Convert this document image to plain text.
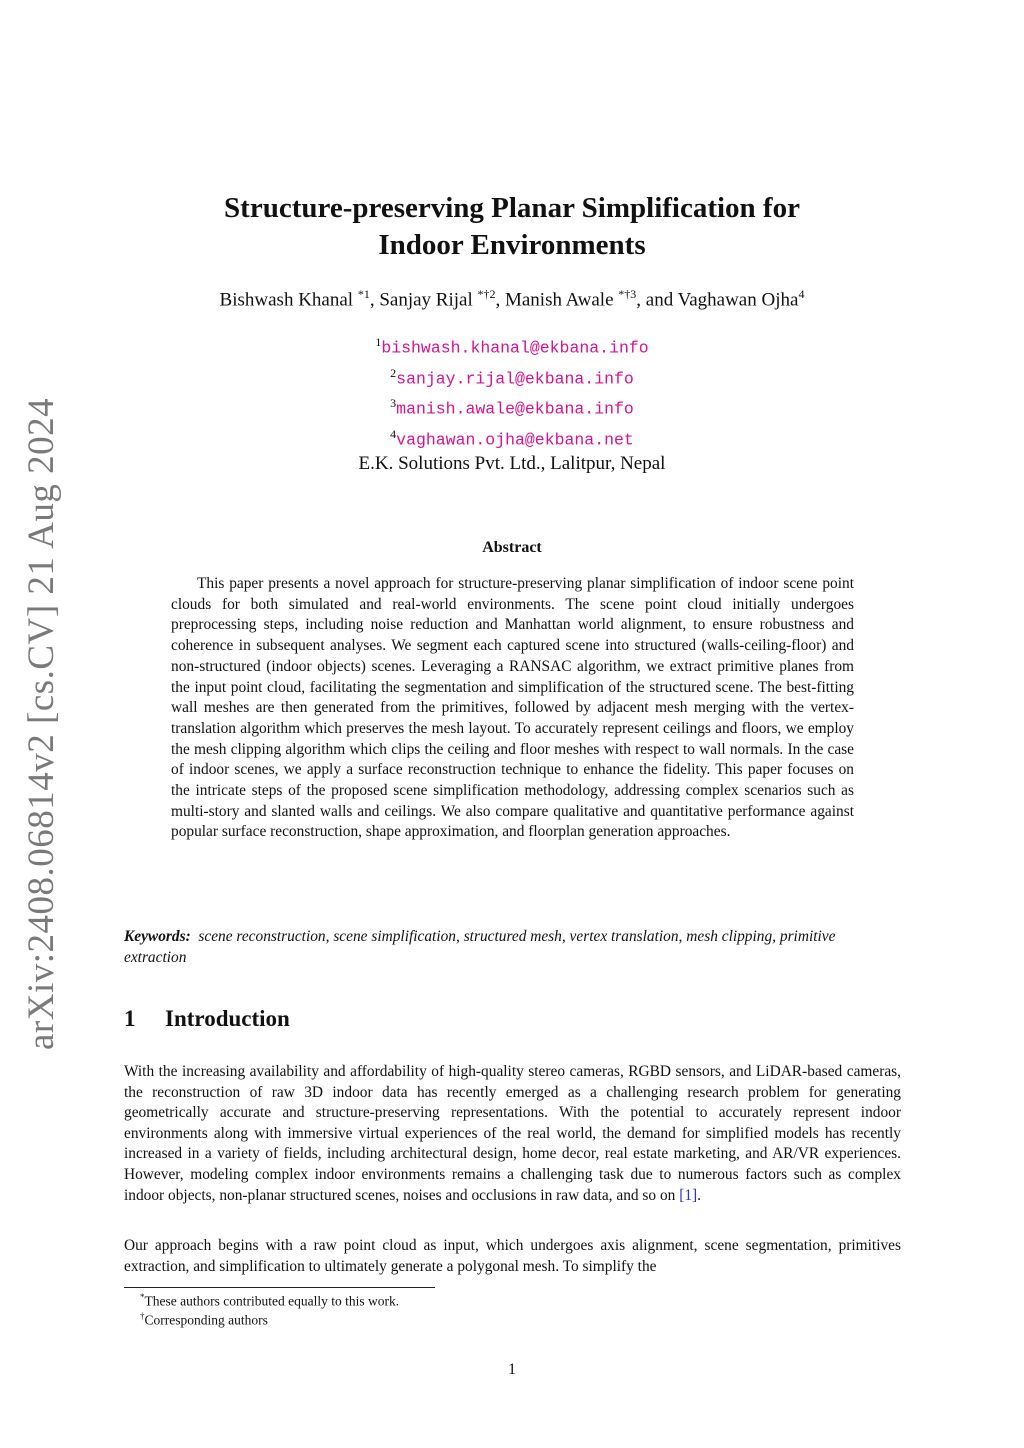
arXiv:2408.06814v2 [cs.CV] 21 Aug 2024
Structure-preserving Planar Simplification for
Indoor Environments
Bishwash Khanal $^{*1}$, Sanjay Rijal $^{*\dagger 2}$, Manish Awale $^{*\dagger 3}$, and Vaghawan Ojha$^4$
$^1$bishwash.khanal@ekbana.info
$^2$sanjay.rijal@ekbana.info
$^3$manish.awale@ekbana.info
$^4$vaghawan.ojha@ekbana.net
E.K. Solutions Pvt. Ltd., Lalitpur, Nepal
Abstract

This paper presents a novel approach for structure-preserving planar simplification of indoor scene point clouds for both simulated and real-world environments. The scene point cloud initially undergoes preprocessing steps, including noise reduction and Manhattan world alignment, to ensure robustness and coherence in subsequent analyses. We segment each captured scene into structured (walls-ceiling-floor) and non-structured (indoor objects) scenes. Leveraging a RANSAC algorithm, we extract primitive planes from the input point cloud, facilitating the segmentation and simplification of the structured scene. The best-fitting wall meshes are then generated from the primitives, followed by adjacent mesh merging with the vertex-translation algorithm which preserves the mesh layout. To accurately represent ceilings and floors, we employ the mesh clipping algorithm which clips the ceiling and floor meshes with respect to wall normals. In the case of indoor scenes, we apply a surface reconstruction technique to enhance the fidelity. This paper focuses on the intricate steps of the proposed scene simplification methodology, addressing complex scenarios such as multi-story and slanted walls and ceilings. We also compare qualitative and quantitative performance against popular surface reconstruction, shape approximation, and floorplan generation approaches.

Keywords: scene reconstruction, scene simplification, structured mesh, vertex translation, mesh clipping, primitive extraction

1 Introduction

With the increasing availability and affordability of high-quality stereo cameras, RGBD sensors, and LiDAR-based cameras, the reconstruction of raw 3D indoor data has recently emerged as a challenging research problem for generating geometrically accurate and structure-preserving representations. With the potential to accurately represent indoor environments along with immersive virtual experiences of the real world, the demand for simplified models has recently increased in a variety of fields, including architectural design, home decor, real estate marketing, and AR/VR experiences. However, modeling complex indoor environments remains a challenging task due to numerous factors such as complex indoor objects, non-planar structured scenes, noises and occlusions in raw data, and so on [1].

Our approach begins with a raw point cloud as input, which undergoes axis alignment, scene segmentation, primitives extraction, and simplification to ultimately generate a polygonal mesh. To simplify the

*These authors contributed equally to this work.
†Corresponding authors
1
